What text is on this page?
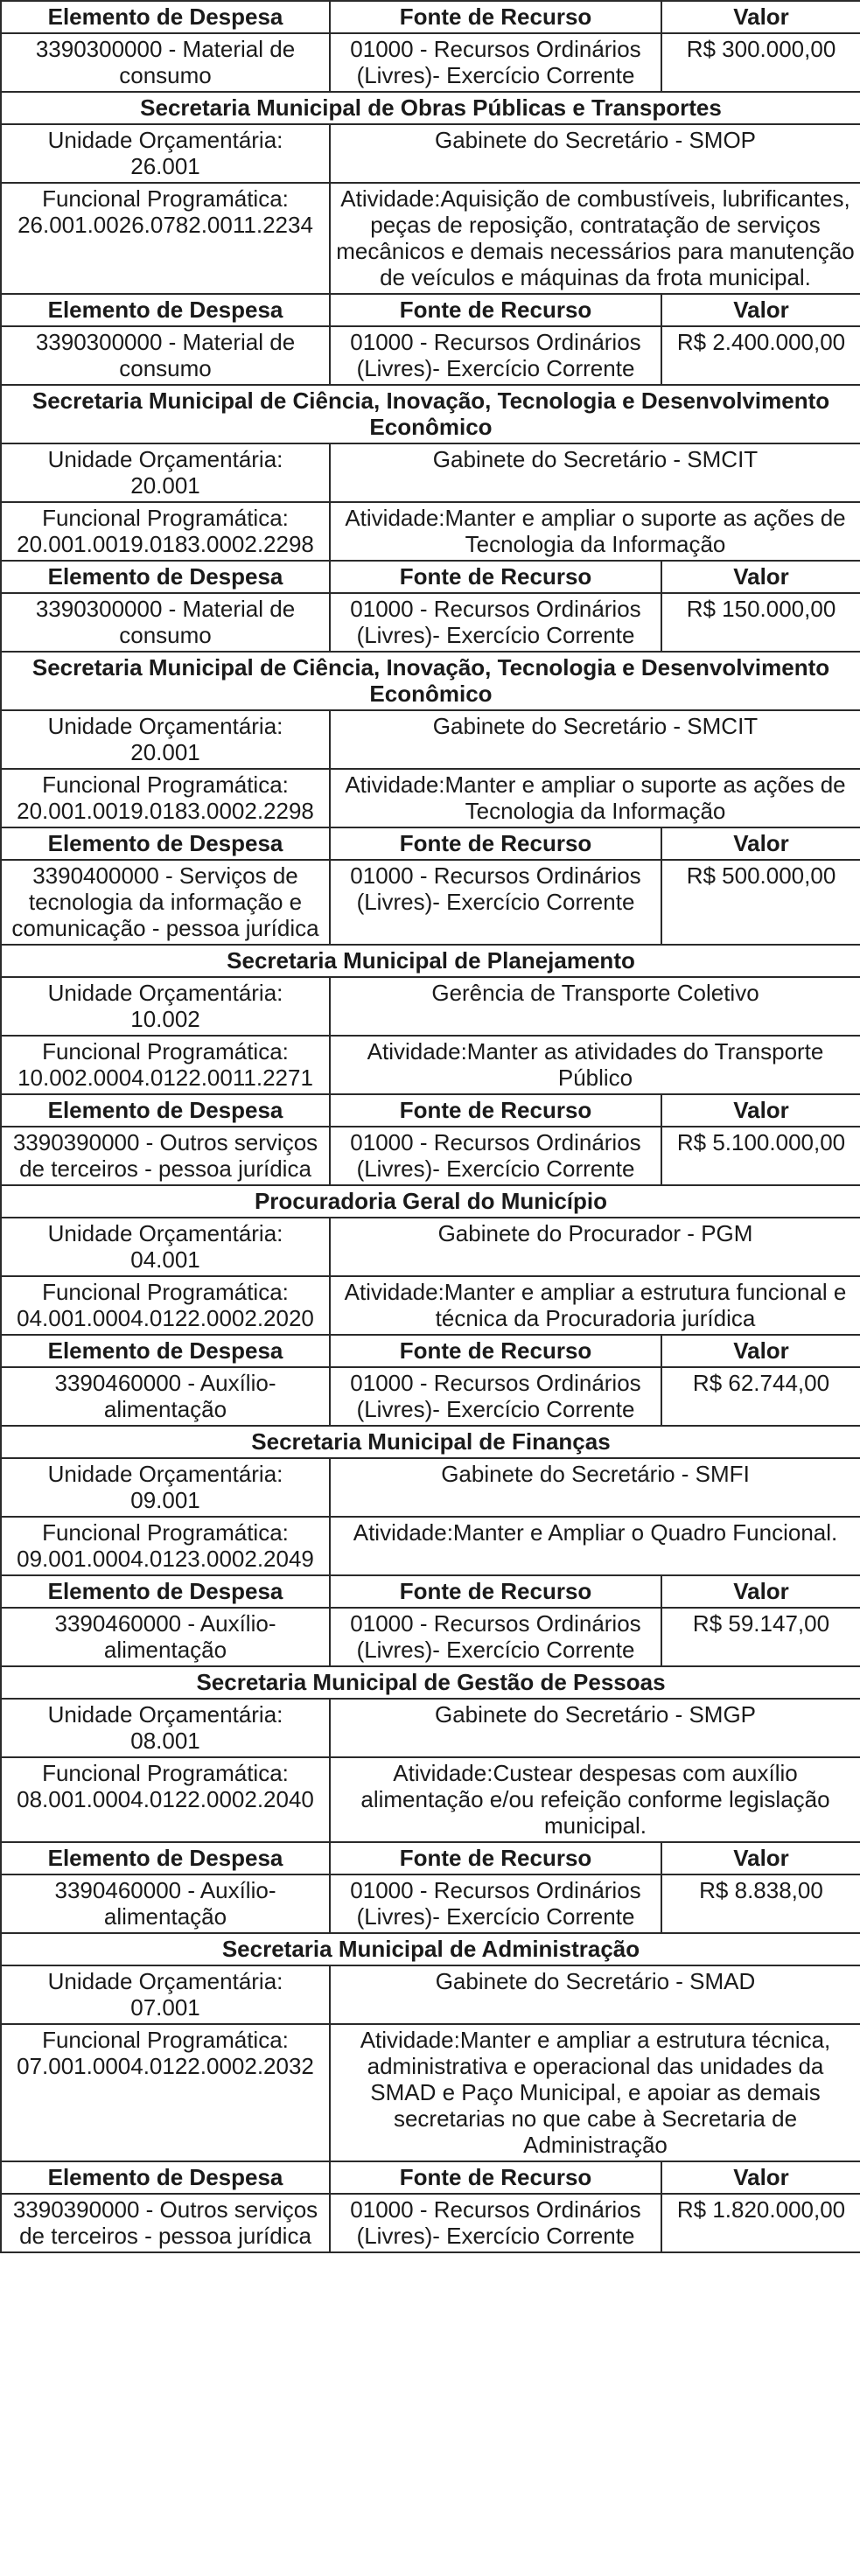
Elemento de Despesa	Fonte de Recurso	Valor
3390300000 - Material de consumo	01000 - Recursos Ordinários (Livres)- Exercício Corrente	R$ 300.000,00
Secretaria Municipal de Obras Públicas e Transportes		
Unidade Orçamentária:
26.001	Gabinete do Secretário - SMOP	
Funcional Programática:
26.001.0026.0782.0011.2234	Atividade:Aquisição de combustíveis, lubrificantes, peças de reposição, contratação de serviços mecânicos e demais necessários para manutenção de veículos e máquinas da frota municipal.	
Elemento de Despesa	Fonte de Recurso	Valor
3390300000 - Material de consumo	01000 - Recursos Ordinários (Livres)- Exercício Corrente	R$ 2.400.000,00
Secretaria Municipal de Ciência, Inovação, Tecnologia e Desenvolvimento Econômico		
Unidade Orçamentária:
20.001	Gabinete do Secretário - SMCIT	
Funcional Programática:
20.001.0019.0183.0002.2298	Atividade:Manter e ampliar o suporte as ações de Tecnologia da Informação	
Elemento de Despesa	Fonte de Recurso	Valor
3390300000 - Material de consumo	01000 - Recursos Ordinários (Livres)- Exercício Corrente	R$ 150.000,00
Secretaria Municipal de Ciência, Inovação, Tecnologia e Desenvolvimento Econômico		
Unidade Orçamentária:
20.001	Gabinete do Secretário - SMCIT	
Funcional Programática:
20.001.0019.0183.0002.2298	Atividade:Manter e ampliar o suporte as ações de Tecnologia da Informação	
Elemento de Despesa	Fonte de Recurso	Valor
3390400000 - Serviços de tecnologia da informação e comunicação - pessoa jurídica	01000 - Recursos Ordinários (Livres)- Exercício Corrente	R$ 500.000,00
Secretaria Municipal de Planejamento		
Unidade Orçamentária:
10.002	Gerência de Transporte Coletivo	
Funcional Programática:
10.002.0004.0122.0011.2271	Atividade:Manter as atividades do Transporte Público	
Elemento de Despesa	Fonte de Recurso	Valor
3390390000 - Outros serviços de terceiros - pessoa jurídica	01000 - Recursos Ordinários (Livres)- Exercício Corrente	R$ 5.100.000,00
Procuradoria Geral do Município		
Unidade Orçamentária:
04.001	Gabinete do Procurador - PGM	
Funcional Programática:
04.001.0004.0122.0002.2020	Atividade:Manter e ampliar a estrutura funcional e técnica da Procuradoria jurídica	
Elemento de Despesa	Fonte de Recurso	Valor
3390460000 - Auxílio-alimentação	01000 - Recursos Ordinários (Livres)- Exercício Corrente	R$ 62.744,00
Secretaria Municipal de Finanças		
Unidade Orçamentária:
09.001	Gabinete do Secretário - SMFI	
Funcional Programática:
09.001.0004.0123.0002.2049	Atividade:Manter e Ampliar o Quadro Funcional.	
Elemento de Despesa	Fonte de Recurso	Valor
3390460000 - Auxílio-alimentação	01000 - Recursos Ordinários (Livres)- Exercício Corrente	R$ 59.147,00
Secretaria Municipal de Gestão de Pessoas		
Unidade Orçamentária:
08.001	Gabinete do Secretário - SMGP	
Funcional Programática:
08.001.0004.0122.0002.2040	Atividade:Custear despesas com auxílio alimentação e/ou refeição conforme legislação municipal.	
Elemento de Despesa	Fonte de Recurso	Valor
3390460000 - Auxílio-alimentação	01000 - Recursos Ordinários (Livres)- Exercício Corrente	R$ 8.838,00
Secretaria Municipal de Administração		
Unidade Orçamentária:
07.001	Gabinete do Secretário - SMAD	
Funcional Programática:
07.001.0004.0122.0002.2032	Atividade:Manter e ampliar a estrutura técnica, administrativa e operacional das unidades da SMAD e Paço Municipal, e apoiar as demais secretarias no que cabe à Secretaria de Administração	
Elemento de Despesa	Fonte de Recurso	Valor
3390390000 - Outros serviços de terceiros - pessoa jurídica	01000 - Recursos Ordinários (Livres)- Exercício Corrente	R$ 1.820.000,00
